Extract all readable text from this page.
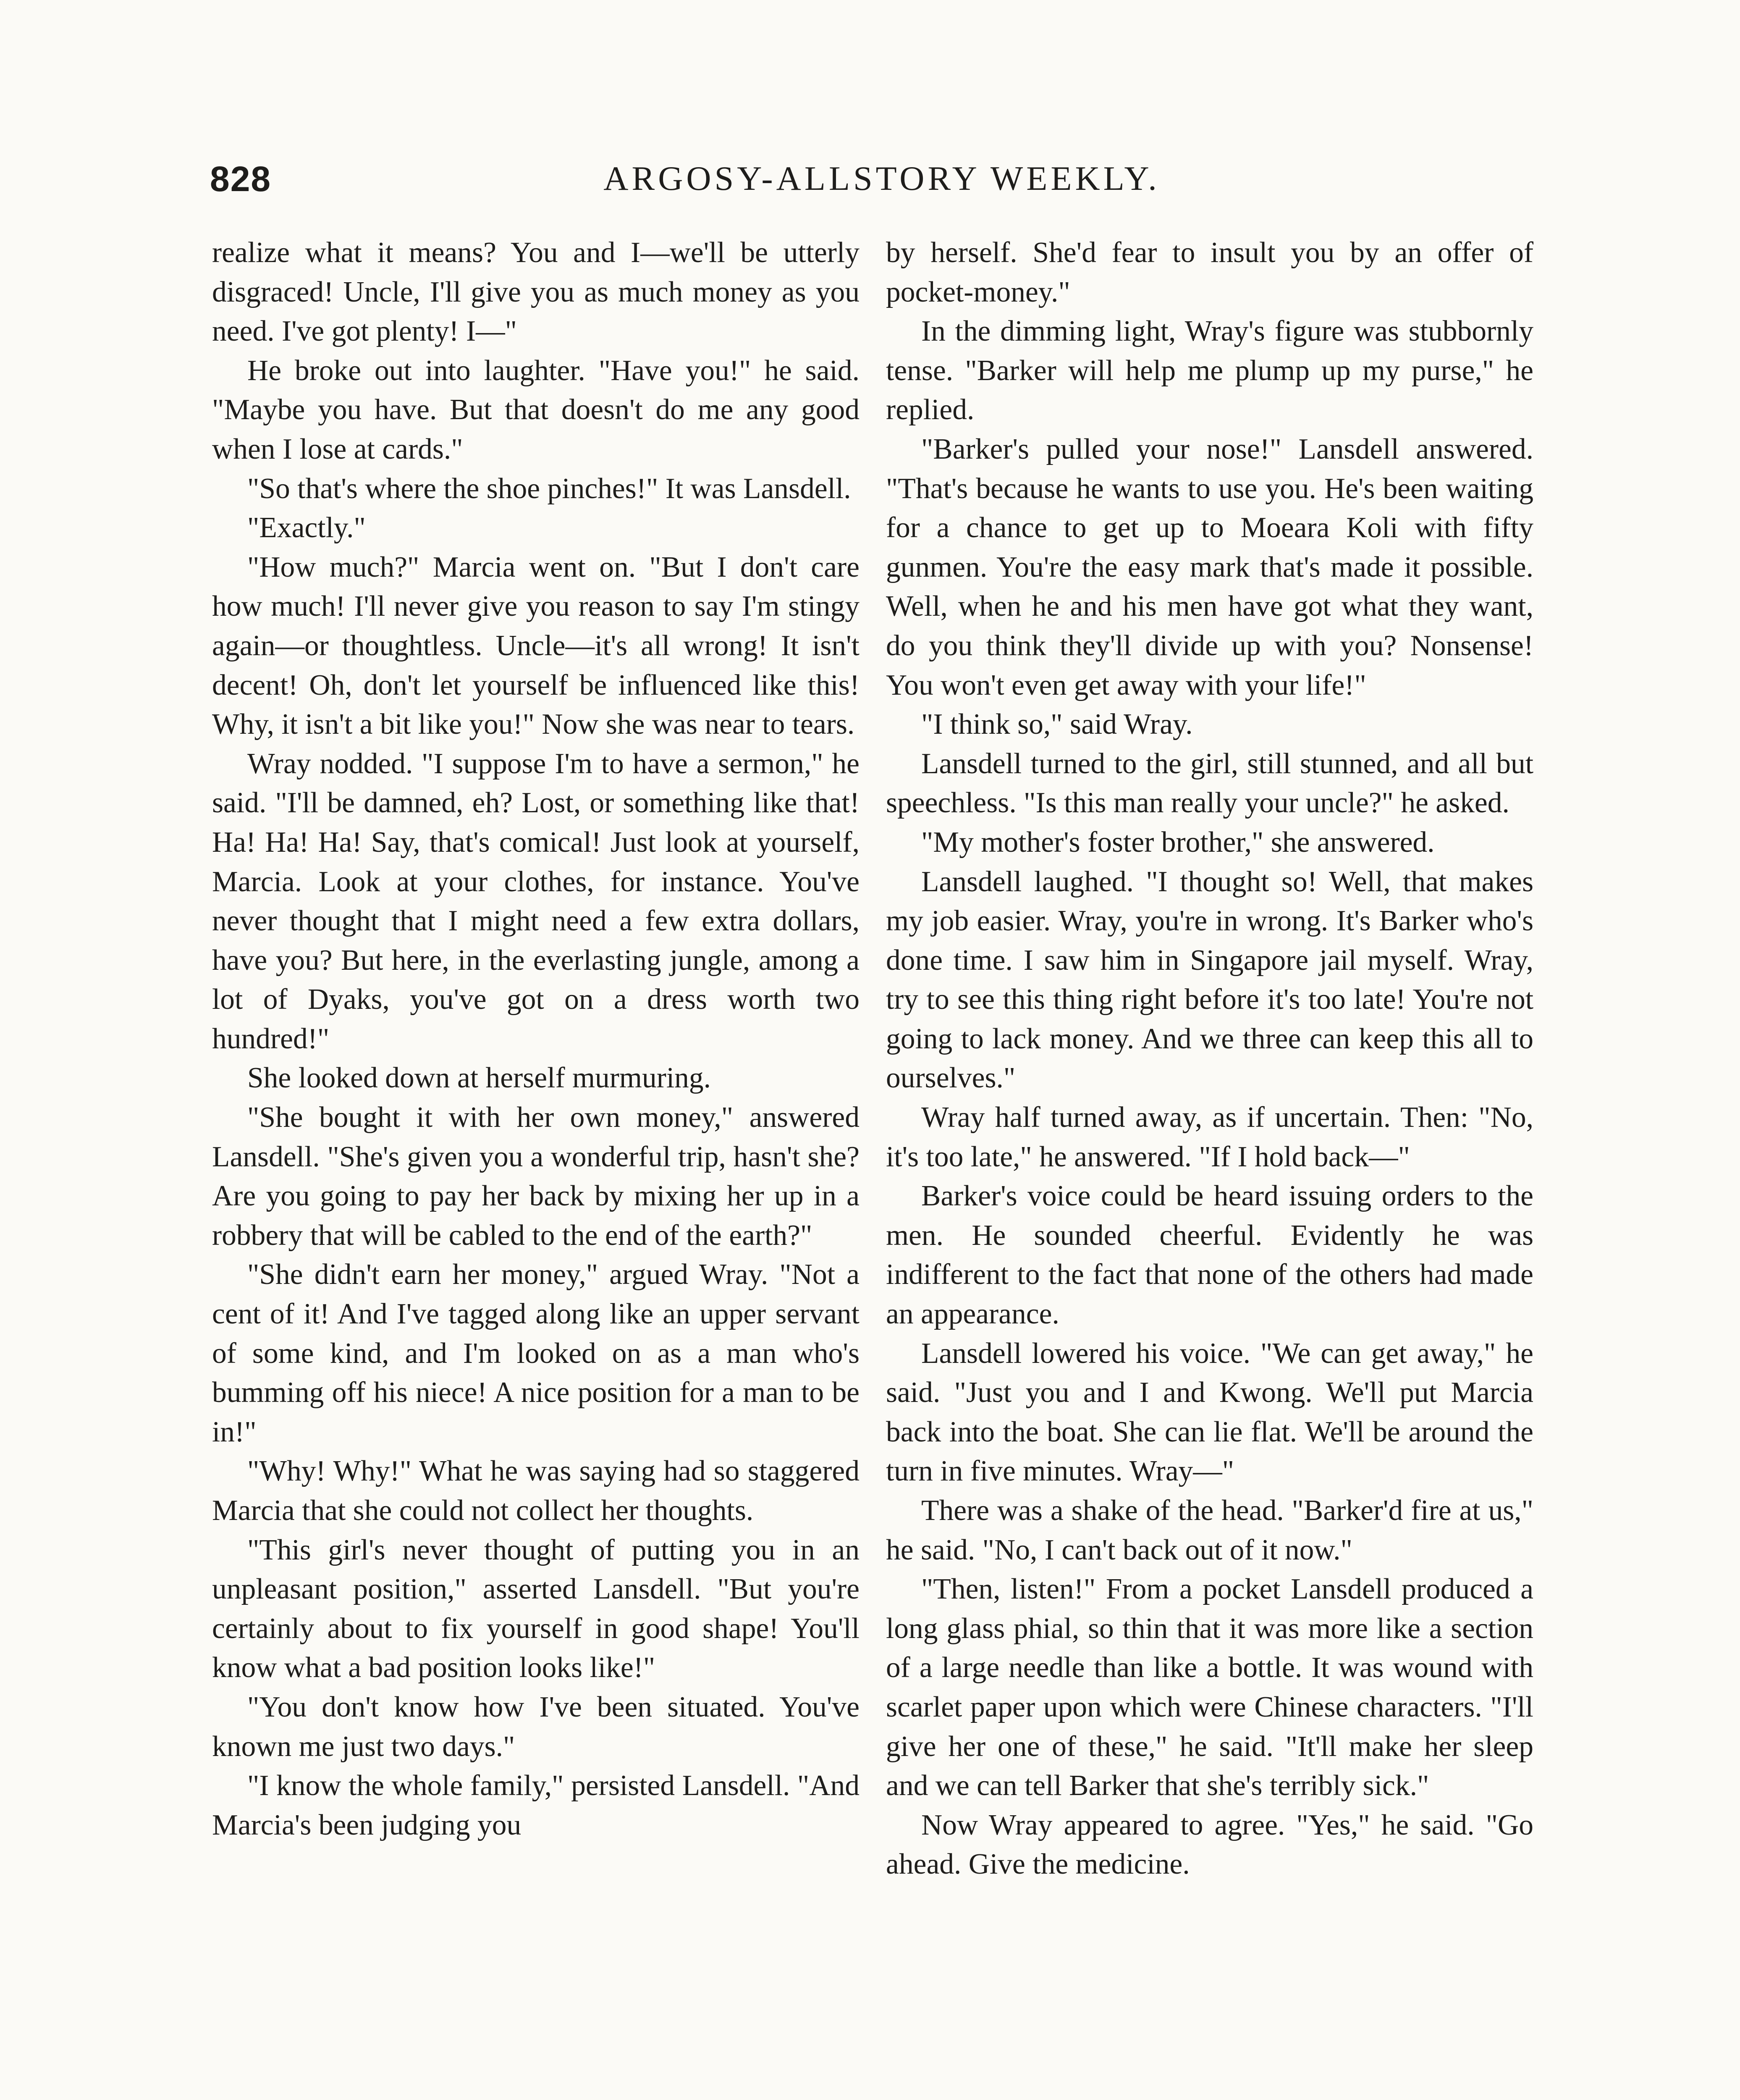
828	ARGOSY-ALLSTORY WEEKLY.

realize what it means? You and I—we'll be utterly disgraced! Uncle, I'll give you as much money as you need. I've got plenty! I—"

He broke out into laughter. "Have you!" he said. "Maybe you have. But that doesn't do me any good when I lose at cards."

"So that's where the shoe pinches!" It was Lansdell.

"Exactly."

"How much?" Marcia went on. "But I don't care how much! I'll never give you reason to say I'm stingy again—or thoughtless. Uncle—it's all wrong! It isn't decent! Oh, don't let yourself be influenced like this! Why, it isn't a bit like you!" Now she was near to tears.

Wray nodded. "I suppose I'm to have a sermon," he said. "I'll be damned, eh? Lost, or something like that! Ha! Ha! Ha! Say, that's comical! Just look at yourself, Marcia. Look at your clothes, for instance. You've never thought that I might need a few extra dollars, have you? But here, in the everlasting jungle, among a lot of Dyaks, you've got on a dress worth two hundred!"

She looked down at herself murmuring.

"She bought it with her own money," answered Lansdell. "She's given you a wonderful trip, hasn't she? Are you going to pay her back by mixing her up in a robbery that will be cabled to the end of the earth?"

"She didn't earn her money," argued Wray. "Not a cent of it! And I've tagged along like an upper servant of some kind, and I'm looked on as a man who's bumming off his niece! A nice position for a man to be in!"

"Why! Why!" What he was saying had so staggered Marcia that she could not collect her thoughts.

"This girl's never thought of putting you in an unpleasant position," asserted Lansdell. "But you're certainly about to fix yourself in good shape! You'll know what a bad position looks like!"

"You don't know how I've been situated. You've known me just two days."

"I know the whole family," persisted Lansdell. "And Marcia's been judging you

by herself. She'd fear to insult you by an offer of pocket-money."

In the dimming light, Wray's figure was stubbornly tense. "Barker will help me plump up my purse," he replied.

"Barker's pulled your nose!" Lansdell answered. "That's because he wants to use you. He's been waiting for a chance to get up to Moeara Koli with fifty gunmen. You're the easy mark that's made it possible. Well, when he and his men have got what they want, do you think they'll divide up with you? Nonsense! You won't even get away with your life!"

"I think so," said Wray.

Lansdell turned to the girl, still stunned, and all but speechless. "Is this man really your uncle?" he asked.

"My mother's foster brother," she answered.

Lansdell laughed. "I thought so! Well, that makes my job easier. Wray, you're in wrong. It's Barker who's done time. I saw him in Singapore jail myself. Wray, try to see this thing right before it's too late! You're not going to lack money. And we three can keep this all to ourselves."

Wray half turned away, as if uncertain. Then: "No, it's too late," he answered. "If I hold back—"

Barker's voice could be heard issuing orders to the men. He sounded cheerful. Evidently he was indifferent to the fact that none of the others had made an appearance.

Lansdell lowered his voice. "We can get away," he said. "Just you and I and Kwong. We'll put Marcia back into the boat. She can lie flat. We'll be around the turn in five minutes. Wray—"

There was a shake of the head. "Barker'd fire at us," he said. "No, I can't back out of it now."

"Then, listen!" From a pocket Lansdell produced a long glass phial, so thin that it was more like a section of a large needle than like a bottle. It was wound with scarlet paper upon which were Chinese characters. "I'll give her one of these," he said. "It'll make her sleep and we can tell Barker that she's terribly sick."

Now Wray appeared to agree. "Yes," he said. "Go ahead. Give the medicine.
